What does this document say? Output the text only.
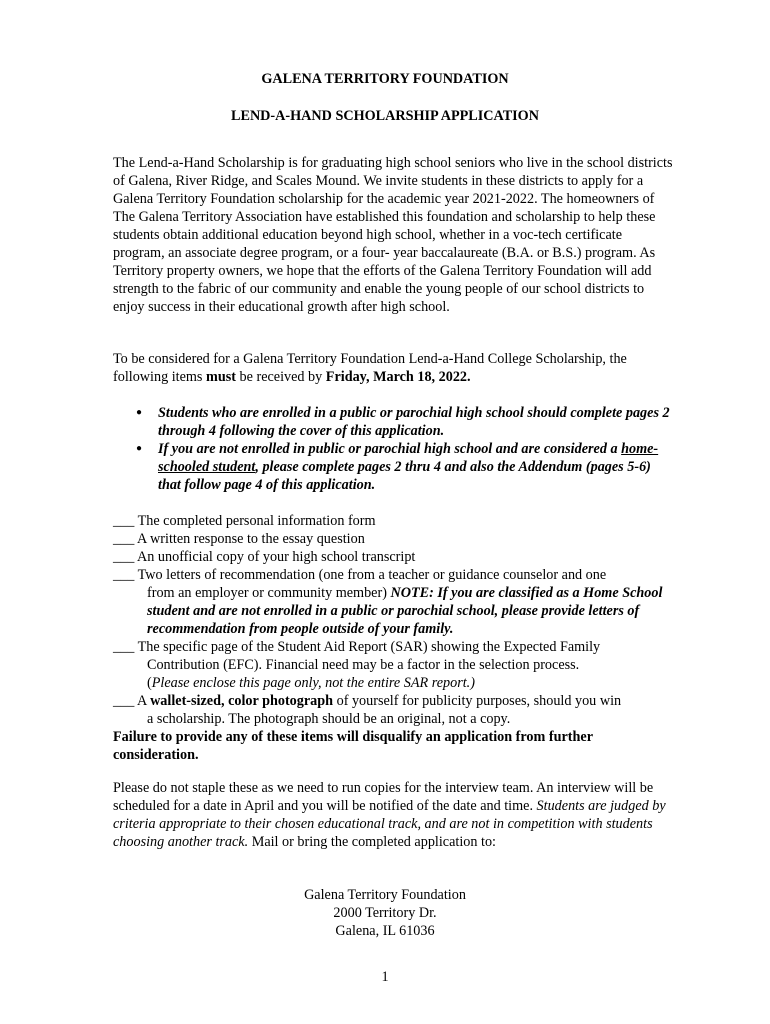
GALENA TERRITORY FOUNDATION
LEND-A-HAND SCHOLARSHIP APPLICATION

The Lend-a-Hand Scholarship is for graduating high school seniors who live in the school districts of Galena, River Ridge, and Scales Mound. We invite students in these districts to apply for a Galena Territory Foundation scholarship for the academic year 2021-2022. The homeowners of The Galena Territory Association have established this foundation and scholarship to help these students obtain additional education beyond high school, whether in a voc-tech certificate program, an associate degree program, or a four- year baccalaureate (B.A. or B.S.) program. As Territory property owners, we hope that the efforts of the Galena Territory Foundation will add strength to the fabric of our community and enable the young people of our school districts to enjoy success in their educational growth after high school.

To be considered for a Galena Territory Foundation Lend-a-Hand College Scholarship, the following items must be received by Friday, March 18, 2022.

● Students who are enrolled in a public or parochial high school should complete pages 2 through 4 following the cover of this application.
● If you are not enrolled in public or parochial high school and are considered a home-schooled student, please complete pages 2 thru 4 and also the Addendum (pages 5-6) that follow page 4 of this application.
___ The completed personal information form
___ A written response to the essay question
___ An unofficial copy of your high school transcript
___ Two letters of recommendation (one from a teacher or guidance counselor and one
from an employer or community member) NOTE: If you are classified as a Home School student and are not enrolled in a public or parochial school, please provide letters of recommendation from people outside of your family.
___ The specific page of the Student Aid Report (SAR) showing the Expected Family
Contribution (EFC). Financial need may be a factor in the selection process.
(Please enclose this page only, not the entire SAR report.)
___ A wallet-sized, color photograph of yourself for publicity purposes, should you win
a scholarship. The photograph should be an original, not a copy.
Failure to provide any of these items will disqualify an application from further consideration.

Please do not staple these as we need to run copies for the interview team. An interview will be scheduled for a date in April and you will be notified of the date and time. Students are judged by criteria appropriate to their chosen educational track, and are not in competition with students choosing another track. Mail or bring the completed application to:

Galena Territory Foundation
2000 Territory Dr.
Galena, IL 61036
1
